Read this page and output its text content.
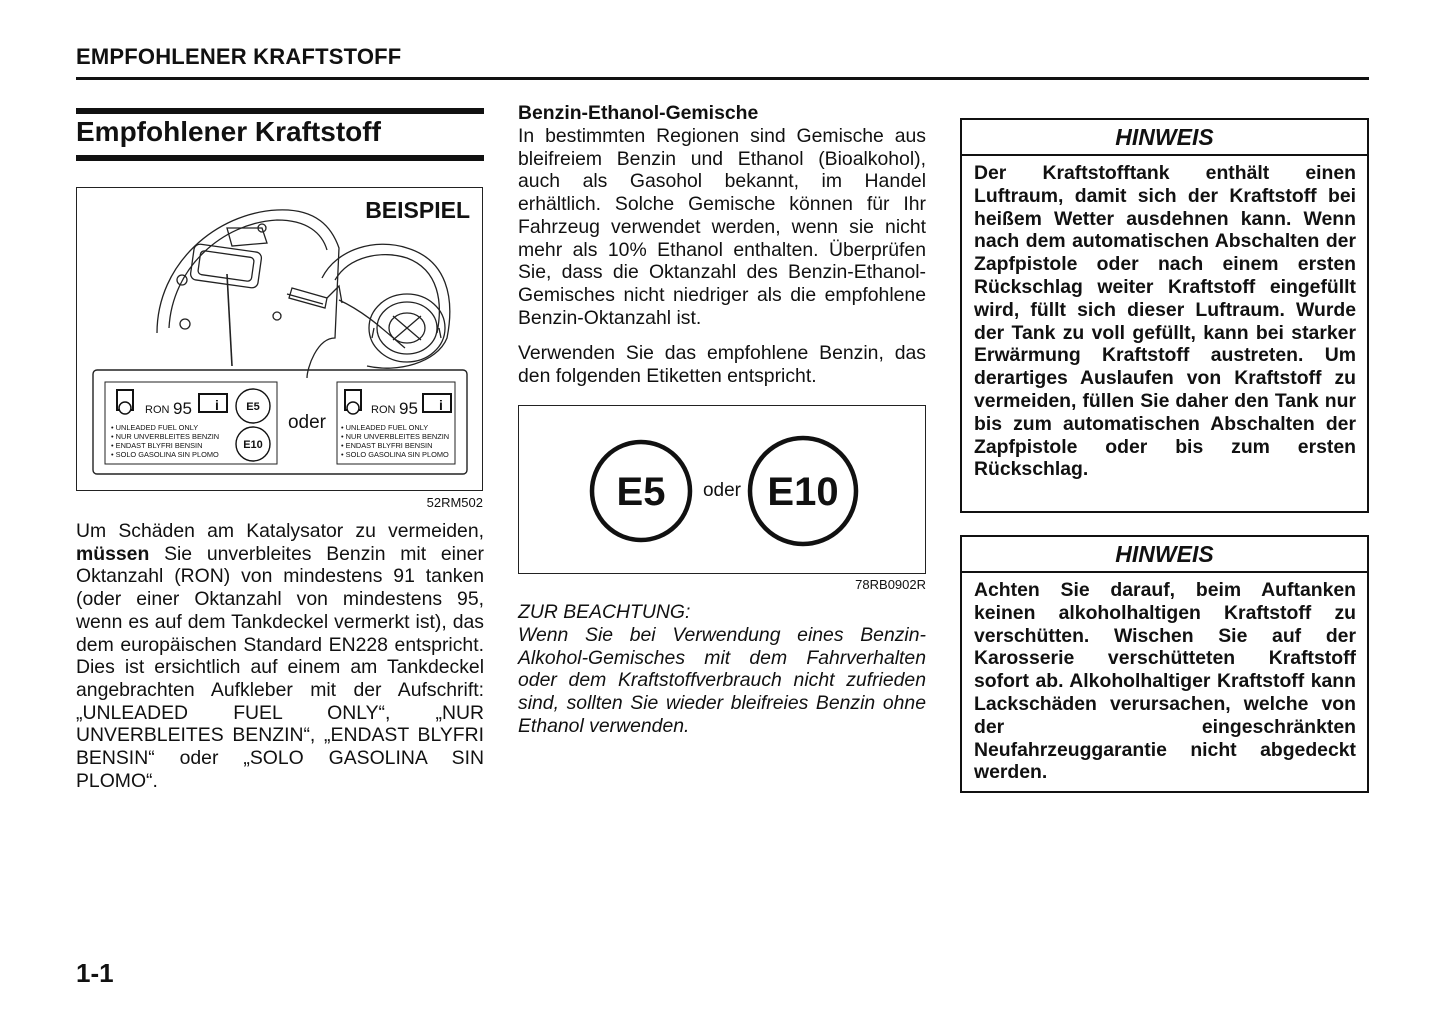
EMPFOHLENER KRAFTSTOFF
Empfohlener Kraftstoff
BEISPIEL
RON 95 i
• UNLEADED FUEL ONLY
• NUR UNVERBLEITES BENZIN
• ENDAST BLYFRI BENSIN
• SOLO GASOLINA SIN PLOMO
E5
E10
oder
RON 95 i
• UNLEADED FUEL ONLY
• NUR UNVERBLEITES BENZIN
• ENDAST BLYFRI BENSIN
• SOLO GASOLINA SIN PLOMO
52RM502
Um Schäden am Katalysator zu vermeiden, müssen Sie unverbleites Benzin mit einer Oktanzahl (RON) von mindestens 91 tanken (oder einer Oktanzahl von mindestens 95, wenn es auf dem Tankdeckel vermerkt ist), das dem europäischen Standard EN228 entspricht. Dies ist ersichtlich auf einem am Tankdeckel angebrachten Aufkleber mit der Aufschrift: „UNLEADED FUEL ONLY“, „NUR UNVERBLEITES BENZIN“, „ENDAST BLYFRI BENSIN“ oder „SOLO GASOLINA SIN PLOMO“.
Benzin-Ethanol-Gemische
In bestimmten Regionen sind Gemische aus bleifreiem Benzin und Ethanol (Bioalkohol), auch als Gasohol bekannt, im Handel erhältlich. Solche Gemische können für Ihr Fahrzeug verwendet werden, wenn sie nicht mehr als 10% Ethanol enthalten. Überprüfen Sie, dass die Oktanzahl des Benzin-Ethanol-Gemisches nicht niedriger als die empfohlene Benzin-Oktanzahl ist.
Verwenden Sie das empfohlene Benzin, das den folgenden Etiketten entspricht.
E5 oder E10
78RB0902R
ZUR BEACHTUNG:
Wenn Sie bei Verwendung eines Benzin-Alkohol-Gemisches mit dem Fahrverhalten oder dem Kraftstoffverbrauch nicht zufrieden sind, sollten Sie wieder bleifreies Benzin ohne Ethanol verwenden.
HINWEIS
Der Kraftstofftank enthält einen Luftraum, damit sich der Kraftstoff bei heißem Wetter ausdehnen kann. Wenn nach dem automatischen Abschalten der Zapfpistole oder nach einem ersten Rückschlag weiter Kraftstoff eingefüllt wird, füllt sich dieser Luftraum. Wurde der Tank zu voll gefüllt, kann bei starker Erwärmung Kraftstoff austreten. Um derartiges Auslaufen von Kraftstoff zu vermeiden, füllen Sie daher den Tank nur bis zum automatischen Abschalten der Zapfpistole oder bis zum ersten Rückschlag.
HINWEIS
Achten Sie darauf, beim Auftanken keinen alkoholhaltigen Kraftstoff zu verschütten. Wischen Sie auf der Karosserie verschütteten Kraftstoff sofort ab. Alkoholhaltiger Kraftstoff kann Lackschäden verursachen, welche von der eingeschränkten Neufahrzeuggarantie nicht abgedeckt werden.
1-1
